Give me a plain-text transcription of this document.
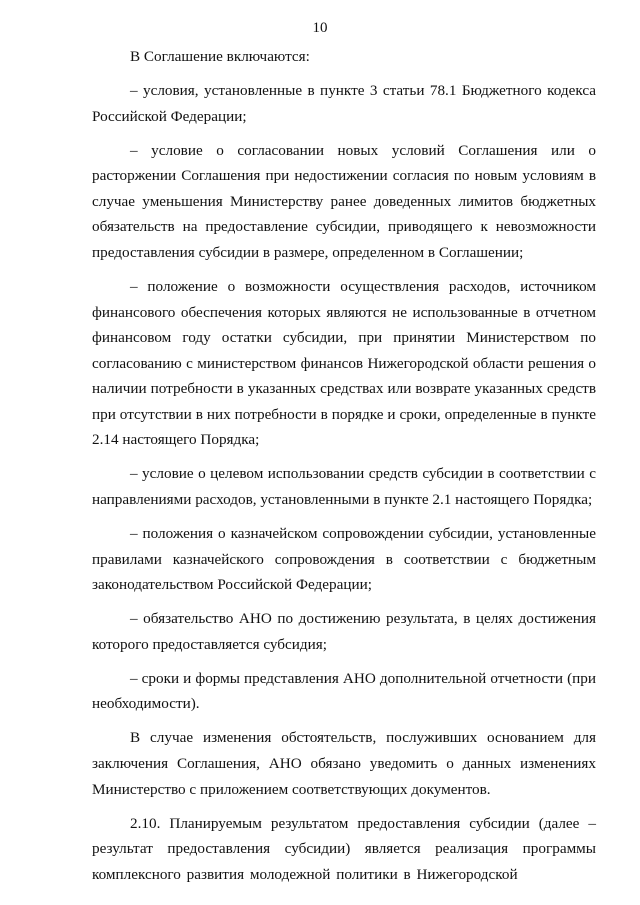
10

В Соглашение включаются:

– условия, установленные в пункте 3 статьи 78.1 Бюджетного кодекса Российской Федерации;

– условие о согласовании новых условий Соглашения или о расторжении Соглашения при недостижении согласия по новым условиям в случае уменьшения Министерству ранее доведенных лимитов бюджетных обязательств на предоставление субсидии, приводящего к невозможности предоставления субсидии в размере, определенном в Соглашении;

– положение о возможности осуществления расходов, источником финансового обеспечения которых являются не использованные в отчетном финансовом году остатки субсидии, при принятии Министерством по согласованию с министерством финансов Нижегородской области решения о наличии потребности в указанных средствах или возврате указанных средств при отсутствии в них потребности в порядке и сроки, определенные в пункте 2.14 настоящего Порядка;

– условие о целевом использовании средств субсидии в соответствии с направлениями расходов, установленными в пункте 2.1 настоящего Порядка;

– положения о казначейском сопровождении субсидии, установленные правилами казначейского сопровождения в соответствии с бюджетным законодательством Российской Федерации;

– обязательство АНО по достижению результата, в целях достижения которого предоставляется субсидия;

– сроки и формы представления АНО дополнительной отчетности (при необходимости).

В случае изменения обстоятельств, послуживших основанием для заключения Соглашения, АНО обязано уведомить о данных изменениях Министерство с приложением соответствующих документов.

2.10. Планируемым результатом предоставления субсидии (далее – результат предоставления субсидии) является реализация программы комплексного развития молодежной политики в Нижегородской
